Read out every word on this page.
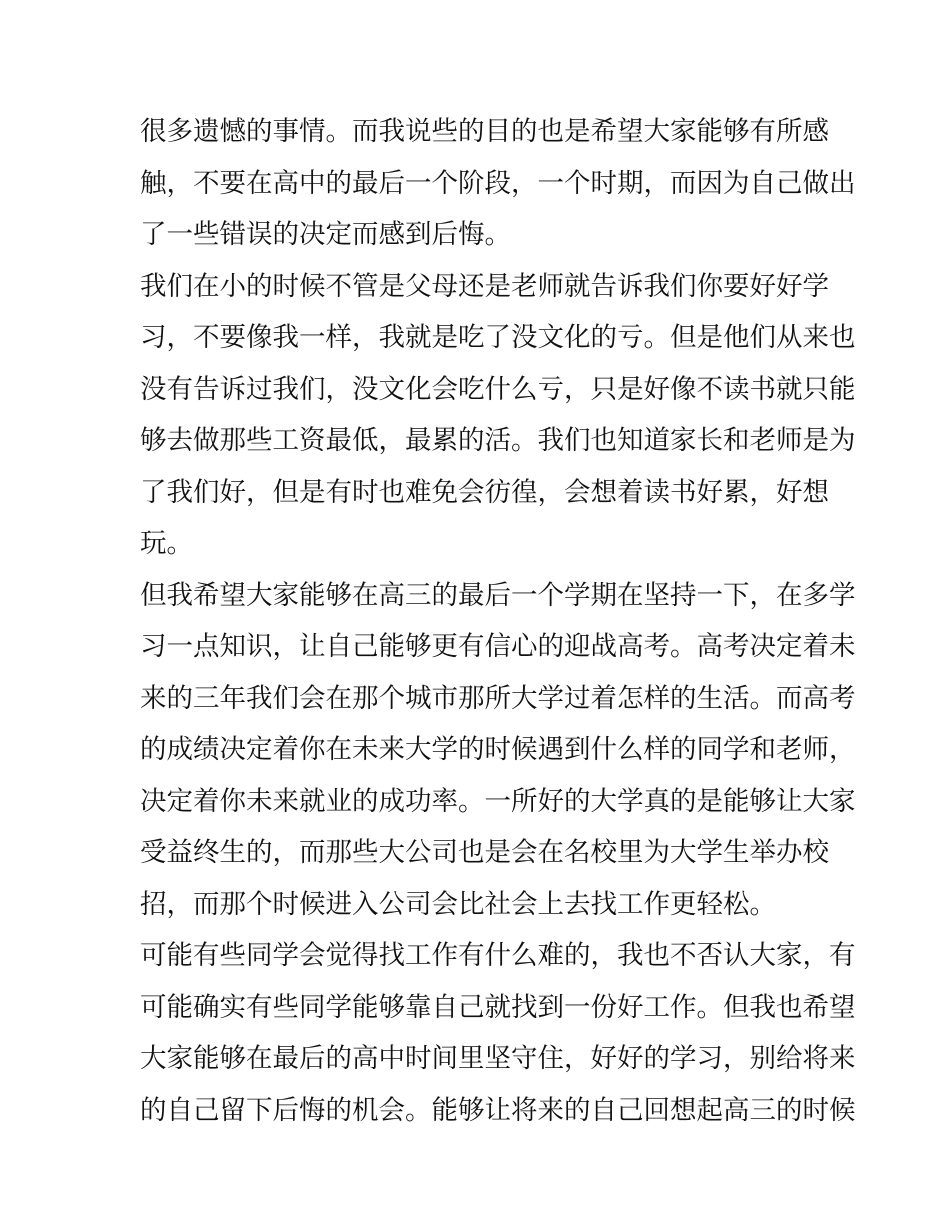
很多遗憾的事情。而我说些的目的也是希望大家能够有所感
触，不要在高中的最后一个阶段，一个时期，而因为自己做出
了一些错误的决定而感到后悔。
我们在小的时候不管是父母还是老师就告诉我们你要好好学
习，不要像我一样，我就是吃了没文化的亏。但是他们从来也
没有告诉过我们，没文化会吃什么亏，只是好像不读书就只能
够去做那些工资最低，最累的活。我们也知道家长和老师是为
了我们好，但是有时也难免会彷徨，会想着读书好累，好想
玩。
但我希望大家能够在高三的最后一个学期在坚持一下，在多学
习一点知识，让自己能够更有信心的迎战高考。高考决定着未
来的三年我们会在那个城市那所大学过着怎样的生活。而高考
的成绩决定着你在未来大学的时候遇到什么样的同学和老师，
决定着你未来就业的成功率。一所好的大学真的是能够让大家
受益终生的，而那些大公司也是会在名校里为大学生举办校
招，而那个时候进入公司会比社会上去找工作更轻松。
可能有些同学会觉得找工作有什么难的，我也不否认大家，有
可能确实有些同学能够靠自己就找到一份好工作。但我也希望
大家能够在最后的高中时间里坚守住，好好的学习，别给将来
的自己留下后悔的机会。能够让将来的自己回想起高三的时候
